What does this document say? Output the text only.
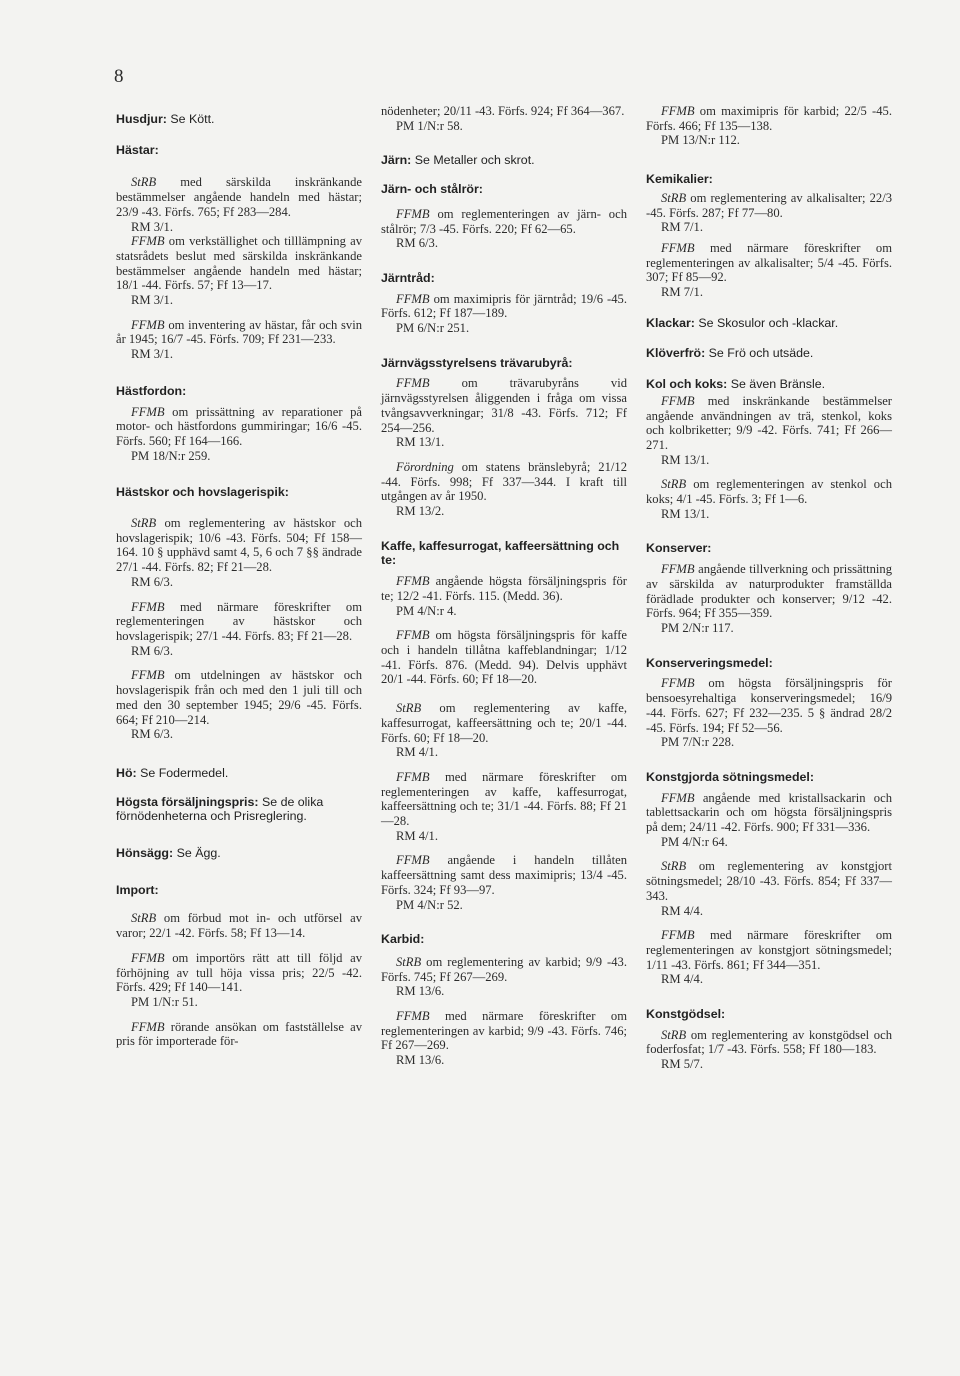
8
Husdjur: Se Kött.
Hästar:

StRB med särskilda inskränkande bestämmelser angående handeln med hästar; 23/9 -43. Förfs. 765; Ff 283—284.

RM 3/1.

FFMB om verkställighet och tilllämpning av statsrådets beslut med särskilda inskränkande bestämmelser angående handeln med hästar; 18/1 -44. Förfs. 57; Ff 13—17.

RM 3/1.

FFMB om inventering av hästar, får och svin år 1945; 16/7 -45. Förfs. 709; Ff 231—233.

RM 3/1.

Hästfordon:

FFMB om prissättning av reparationer på motor- och hästfordons gummiringar; 16/6 -45. Förfs. 560; Ff 164—166.

PM 18/N:r 259.

Hästskor och hovslagerispik:

StRB om reglementering av hästskor och hovslagerispik; 10/6 -43. Förfs. 504; Ff 158—164. 10 § upphävd samt 4, 5, 6 och 7 §§ ändrade 27/1 -44. Förfs. 82; Ff 21—28.

RM 6/3.

FFMB med närmare föreskrifter om reglementeringen av hästskor och hovslagerispik; 27/1 -44. Förfs. 83; Ff 21—28.

RM 6/3.

FFMB om utdelningen av hästskor och hovslagerispik från och med den 1 juli till och med den 30 september 1945; 29/6 -45. Förfs. 664; Ff 210—214.

RM 6/3.

Hö: Se Fodermedel.
Högsta försäljningspris: Se de olika förnödenheterna och Prisreglering.
Hönsägg: Se Ägg.
Import:

StRB om förbud mot in- och utförsel av varor; 22/1 -42. Förfs. 58; Ff 13—14.

FFMB om importörs rätt att till följd av förhöjning av tull höja vissa pris; 22/5 -42. Förfs. 429; Ff 140—141.

PM 1/N:r 51.

FFMB rörande ansökan om fastställelse av pris för importerade för-

nödenheter; 20/11 -43. Förfs. 924; Ff 364—367.

PM 1/N:r 58.

Järn: Se Metaller och skrot.
Järn- och stålrör:

FFMB om reglementeringen av järn- och stålrör; 7/3 -45. Förfs. 220; Ff 62—65.

RM 6/3.

Järntråd:

FFMB om maximipris för järntråd; 19/6 -45. Förfs. 612; Ff 187—189.

PM 6/N:r 251.

Järnvägsstyrelsens trävarubyrå:

FFMB om trävarubyråns vid järnvägsstyrelsen åliggenden i fråga om vissa tvångsavverkningar; 31/8 -43. Förfs. 712; Ff 254—256.

RM 13/1.

Förordning om statens bränslebyrå; 21/12 -44. Förfs. 998; Ff 337—344. I kraft till utgången av år 1950.

RM 13/2.

Kaffe, kaffesurrogat, kaffeersättning och te:

FFMB angående högsta försäljningspris för te; 12/2 -41. Förfs. 115. (Medd. 36).

PM 4/N:r 4.

FFMB om högsta försäljningspris för kaffe och i handeln tillåtna kaffeblandningar; 1/12 -41. Förfs. 876. (Medd. 94). Delvis upphävt 20/1 -44. Förfs. 60; Ff 18—20.

StRB om reglementering av kaffe, kaffesurrogat, kaffeersättning och te; 20/1 -44. Förfs. 60; Ff 18—20.

RM 4/1.

FFMB med närmare föreskrifter om reglementeringen av kaffe, kaffesurrogat, kaffeersättning och te; 31/1 -44. Förfs. 88; Ff 21—28.

RM 4/1.

FFMB angående i handeln tillåten kaffeersättning samt dess maximipris; 13/4 -45. Förfs. 324; Ff 93—97.

PM 4/N:r 52.

Karbid:

StRB om reglementering av karbid; 9/9 -43. Förfs. 745; Ff 267—269.

RM 13/6.

FFMB med närmare föreskrifter om reglementeringen av karbid; 9/9 -43. Förfs. 746; Ff 267—269.

RM 13/6.

FFMB om maximipris för karbid; 22/5 -45. Förfs. 466; Ff 135—138.

PM 13/N:r 112.

Kemikalier:

StRB om reglementering av alkalisalter; 22/3 -45. Förfs. 287; Ff 77—80.

RM 7/1.

FFMB med närmare föreskrifter om reglementeringen av alkalisalter; 5/4 -45. Förfs. 307; Ff 85—92.

RM 7/1.

Klackar: Se Skosulor och -klackar.
Klöverfrö: Se Frö och utsäde.
Kol och koks: Se även Bränsle.

FFMB med inskränkande bestämmelser angående användningen av trä, stenkol, koks och kolbriketter; 9/9 -42. Förfs. 741; Ff 266—271.

RM 13/1.

StRB om reglementeringen av stenkol och koks; 4/1 -45. Förfs. 3; Ff 1—6.

RM 13/1.

Konserver:

FFMB angående tillverkning och prissättning av särskilda av naturprodukter framställda förädlade produkter och konserver; 9/12 -42. Förfs. 964; Ff 355—359.

PM 2/N:r 117.

Konserveringsmedel:

FFMB om högsta försäljningspris för bensoesyrehaltiga konserveringsmedel; 16/9 -44. Förfs. 627; Ff 232—235. 5 § ändrad 28/2 -45. Förfs. 194; Ff 52—56.

PM 7/N:r 228.

Konstgjorda sötningsmedel:

FFMB angående med kristallsackarin och tablettsackarin och om högsta försäljningspris på dem; 24/11 -42. Förfs. 900; Ff 331—336.

PM 4/N:r 64.

StRB om reglementering av konstgjort sötningsmedel; 28/10 -43. Förfs. 854; Ff 337—343.

RM 4/4.

FFMB med närmare föreskrifter om reglementeringen av konstgjort sötningsmedel; 1/11 -43. Förfs. 861; Ff 344—351.

RM 4/4.

Konstgödsel:

StRB om reglementering av konstgödsel och foderfosfat; 1/7 -43. Förfs. 558; Ff 180—183.

RM 5/7.
